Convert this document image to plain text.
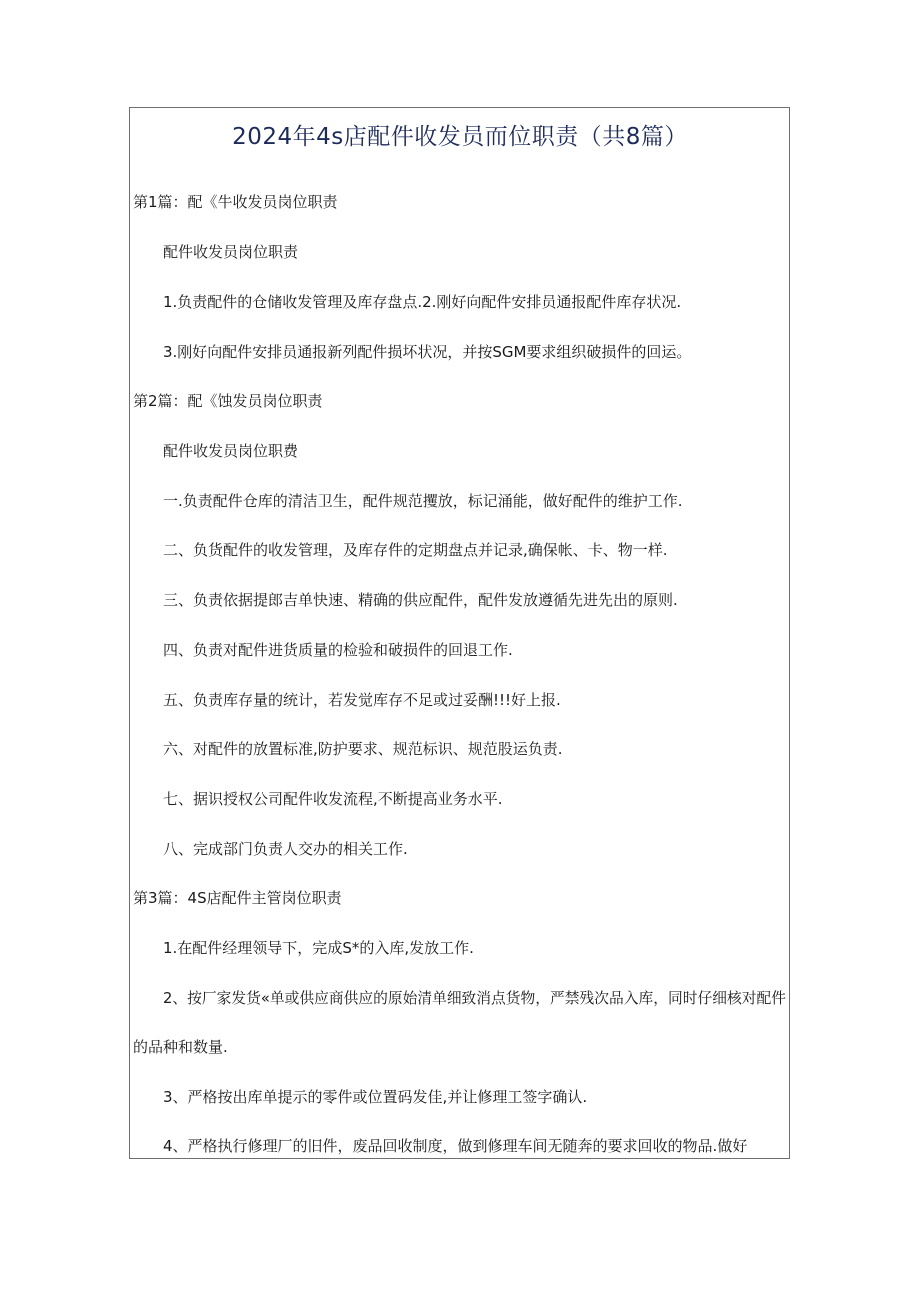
2024年4s店配件收发员而位职责（共8篇）
第1篇：配《牛收发员岗位职责
配件收发员岗位职责
1.负责配件的仓储收发管理及库存盘点.2.刚好向配件安排员通报配件库存状况.
3.刚好向配件安排员通报新列配件损坏状况，并按SGM要求组织破损件的回运。
第2篇：配《蚀发员岗位职责
配件收发员岗位职费
一.负责配件仓库的清洁卫生，配件规范攫放，标记涌能，做好配件的维护工作.
二、负货配件的收发管理，及库存件的定期盘点并记录,确保帐、卡、物一样.
三、负责依据提郎吉单快速、精确的供应配件，配件发放遵循先进先出的原则.
四、负责对配件进货质量的检验和破损件的回退工作.
五、负责库存量的统计，若发觉库存不足或过妥酬!!!好上报.
六、对配件的放置标准,防护要求、规范标识、规范股运负责.
七、据识授权公司配件收发流程,不断提高业务水平.
八、完成部门负责人交办的相关工作.
第3篇：4S店配件主管岗位职责
1.在配件经理领导下，完成S*的入库,发放工作.
2、按厂家发货«单或供应商供应的原始清单细致消点货物，严禁残次品入库，同时仔细核对配件
的品种和数量.
3、严格按出库单提示的零件或位置码发佳,并让修理工签字确认.
4、严格执行修理厂的旧件，废品回收制度，做到修理车间无随奔的要求回收的物品.做好
